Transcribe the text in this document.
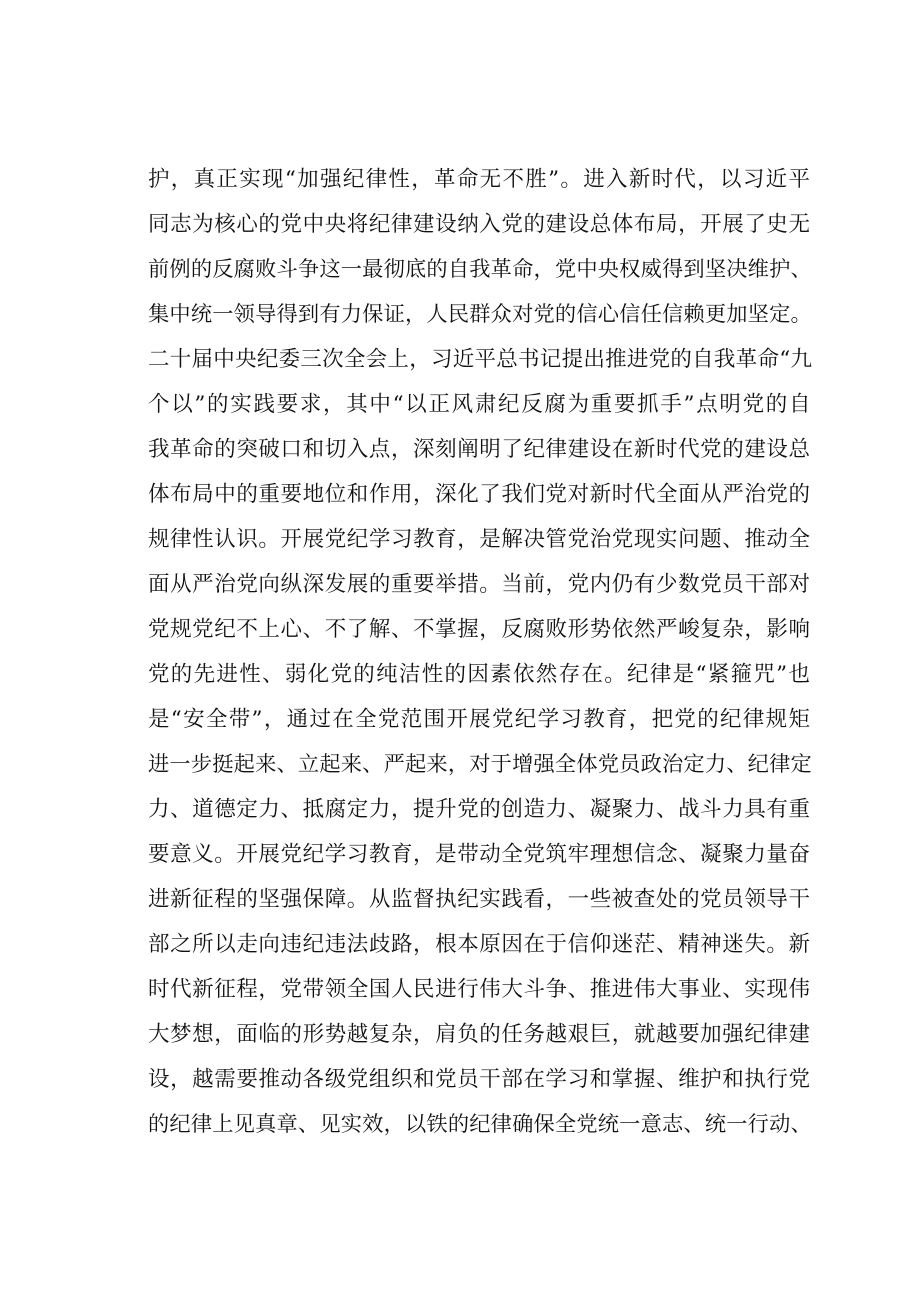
护，真正实现“加强纪律性，革命无不胜”。进入新时代，以习近平
同志为核心的党中央将纪律建设纳入党的建设总体布局，开展了史无
前例的反腐败斗争这一最彻底的自我革命，党中央权威得到坚决维护、
集中统一领导得到有力保证，人民群众对党的信心信任信赖更加坚定。
二十届中央纪委三次全会上，习近平总书记提出推进党的自我革命“九
个以”的实践要求，其中“以正风肃纪反腐为重要抓手”点明党的自
我革命的突破口和切入点，深刻阐明了纪律建设在新时代党的建设总
体布局中的重要地位和作用，深化了我们党对新时代全面从严治党的
规律性认识。开展党纪学习教育，是解决管党治党现实问题、推动全
面从严治党向纵深发展的重要举措。当前，党内仍有少数党员干部对
党规党纪不上心、不了解、不掌握，反腐败形势依然严峻复杂，影响
党的先进性、弱化党的纯洁性的因素依然存在。纪律是“紧箍咒”也
是“安全带”，通过在全党范围开展党纪学习教育，把党的纪律规矩
进一步挺起来、立起来、严起来，对于增强全体党员政治定力、纪律定
力、道德定力、抵腐定力，提升党的创造力、凝聚力、战斗力具有重
要意义。开展党纪学习教育，是带动全党筑牢理想信念、凝聚力量奋
进新征程的坚强保障。从监督执纪实践看，一些被查处的党员领导干
部之所以走向违纪违法歧路，根本原因在于信仰迷茫、精神迷失。新
时代新征程，党带领全国人民进行伟大斗争、推进伟大事业、实现伟
大梦想，面临的形势越复杂，肩负的任务越艰巨，就越要加强纪律建
设，越需要推动各级党组织和党员干部在学习和掌握、维护和执行党
的纪律上见真章、见实效，以铁的纪律确保全党统一意志、统一行动、
